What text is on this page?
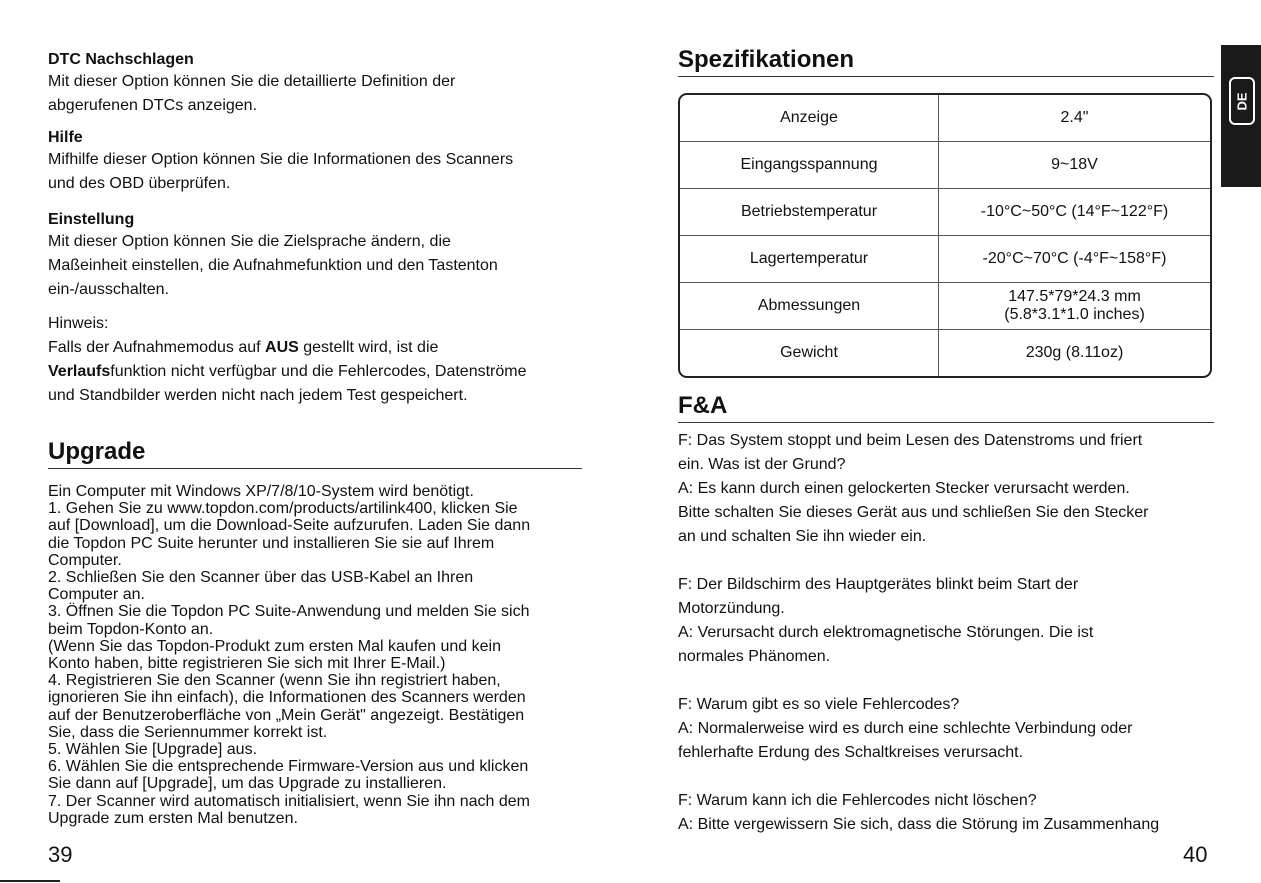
DTC Nachschlagen

Mit dieser Option können Sie die detaillierte Definition der

abgerufenen DTCs anzeigen.

Hilfe

Mifhilfe dieser Option können Sie die Informationen des Scanners

und des OBD überprüfen.

Einstellung

Mit dieser Option können Sie die Zielsprache ändern, die

Maßeinheit einstellen, die Aufnahmefunktion und den Tastenton

ein-/ausschalten.

Hinweis:

Falls der Aufnahmemodus auf AUS gestellt wird, ist die

Verlaufsfunktion nicht verfügbar und die Fehlercodes, Datenströme

und Standbilder werden nicht nach jedem Test gespeichert.

Upgrade
Ein Computer mit Windows XP/7/8/10-System wird benötigt.
1. Gehen Sie zu www.topdon.com/products/artilink400, klicken Sie
auf [Download], um die Download-Seite aufzurufen. Laden Sie dann
die Topdon PC Suite herunter und installieren Sie sie auf Ihrem
Computer.
2. Schließen Sie den Scanner über das USB-Kabel an Ihren
Computer an.
3. Öffnen Sie die Topdon PC Suite-Anwendung und melden Sie sich
beim Topdon-Konto an.
(Wenn Sie das Topdon-Produkt zum ersten Mal kaufen und kein
Konto haben, bitte registrieren Sie sich mit Ihrer E-Mail.)
4. Registrieren Sie den Scanner (wenn Sie ihn registriert haben,
ignorieren Sie ihn einfach), die Informationen des Scanners werden
auf der Benutzeroberfläche von „Mein Gerät" angezeigt. Bestätigen
Sie, dass die Seriennummer korrekt ist.
5. Wählen Sie [Upgrade] aus.
6. Wählen Sie die entsprechende Firmware-Version aus und klicken
Sie dann auf [Upgrade], um das Upgrade zu installieren.
7. Der Scanner wird automatisch initialisiert, wenn Sie ihn nach dem
Upgrade zum ersten Mal benutzen.
39
Spezifikationen
Anzeige	2.4"

Eingangsspannung	9~18V

Betriebstemperatur	-10°C~50°C (14°F~122°F)

Lagertemperatur	-20°C~70°C (-4°F~158°F)

Abmessungen	147.5*79*24.3 mm
(5.8*3.1*1.0 inches)

Gewicht	230g (8.11oz)
F&A

F: Das System stoppt und beim Lesen des Datenstroms und friert

ein. Was ist der Grund?

A: Es kann durch einen gelockerten Stecker verursacht werden.

Bitte schalten Sie dieses Gerät aus und schließen Sie den Stecker

an und schalten Sie ihn wieder ein.

F: Der Bildschirm des Hauptgerätes blinkt beim Start der

Motorzündung.

A: Verursacht durch elektromagnetische Störungen. Die ist

normales Phänomen.

F: Warum gibt es so viele Fehlercodes?

A: Normalerweise wird es durch eine schlechte Verbindung oder

fehlerhafte Erdung des Schaltkreises verursacht.

F: Warum kann ich die Fehlercodes nicht löschen?

A: Bitte vergewissern Sie sich, dass die Störung im Zusammenhang

40
DE
